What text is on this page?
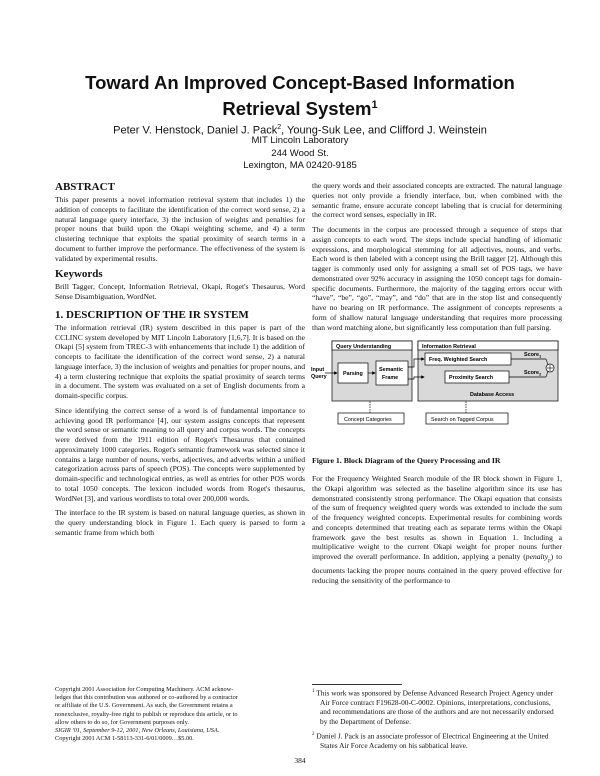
Toward An Improved Concept-Based Information
Retrieval System$^1$
Peter V. Henstock, Daniel J. Pack$^2$, Young-Suk Lee, and Clifford J. Weinstein
MIT Lincoln Laboratory
244 Wood St.
Lexington, MA 02420-9185
ABSTRACT

This paper presents a novel information retrieval system that includes 1) the addition of concepts to facilitate the identification of the correct word sense, 2) a natural language query interface, 3) the inclusion of weights and penalties for proper nouns that build upon the Okapi weighting scheme, and 4) a term clustering technique that exploits the spatial proximity of search terms in a document to further improve the performance. The effectiveness of the system is validated by experimental results.

Keywords

Brill Tagger, Concept, Information Retrieval, Okapi, Roget's Thesaurus, Word Sense Disambiguation, WordNet.

1. DESCRIPTION OF THE IR SYSTEM

The information retrieval (IR) system described in this paper is part of the CCLINC system developed by MIT Lincoln Laboratory [1,6,7]. It is based on the Okapi [5] system from TREC-3 with enhancements that include 1) the addition of concepts to facilitate the identification of the correct word sense, 2) a natural language interface, 3) the inclusion of weights and penalties for proper nouns, and 4) a term clustering technique that exploits the spatial proximity of search terms in a document. The system was evaluated on a set of English documents from a domain-specific corpus.

Since identifying the correct sense of a word is of fundamental importance to achieving good IR performance [4], our system assigns concepts that represent the word sense or semantic meaning to all query and corpus words. The concepts were derived from the 1911 edition of Roget's Thesaurus that contained approximately 1000 categories. Roget's semantic framework was selected since it contains a large number of nouns, verbs, adjectives, and adverbs within a unified categorization across parts of speech (POS). The concepts were supplemented by domain-specific and technological entries, as well as entries for other POS words to total 1050 concepts. The lexicon included words from Roget's thesaurus, WordNet [3], and various wordlists to total over 200,000 words.

The interface to the IR system is based on natural language queries, as shown in the query understanding block in Figure 1. Each query is parsed to form a semantic frame from which both

the query words and their associated concepts are extracted. The natural language queries not only provide a friendly interface, but, when combined with the semantic frame, ensure accurate concept labeling that is crucial for determining the correct word senses, especially in IR.

The documents in the corpus are processed through a sequence of steps that assign concepts to each word. The steps include special handling of idiomatic expressions, and morphological stemming for all adjectives, nouns, and verbs. Each word is then labeled with a concept using the Brill tagger [2]. Although this tagger is commonly used only for assigning a small set of POS tags, we have demonstrated over 92% accuracy in assigning the 1050 concept tags for domain-specific documents. Furthermore, the majority of the tagging errors occur with “have”, “be”, “go”, “may”, and “do” that are in the stop list and consequently have no bearing on IR performance. The assignment of concepts represents a form of shallow natural language understanding that requires more processing than word matching alone, but significantly less computation than full parsing.

Query Understanding	Information Retrieval
Input
Query	Parsing
Semantic
Frame
Freq. Weighted Search
Proximity Search
Score$_1$
Score$_2$
Database Access
Concept Categories	Search on Tagged Corpus
Figure 1. Block Diagram of the Query Processing and IR

For the Frequency Weighted Search module of the IR block shown in Figure 1, the Okapi algorithm was selected as the baseline algorithm since its use has demonstrated consistently strong performance. The Okapi equation that consists of the sum of frequency weighted query words was extended to include the sum of the frequency weighted concepts. Experimental results for combining words and concepts determined that treating each as separate terms within the Okapi framework gave the best results as shown in Equation 1. Including a multiplicative weight to the current Okapi weight for proper nouns further improved the overall performance. In addition, applying a penalty (penalty$_p$) to documents lacking the proper nouns contained in the query proved effective for reducing the sensitivity of the performance to

Copyright 2001 Association for Computing Machinery. ACM acknow-
ledges that this contribution was authored or co-authored by a contractor
or affiliate of the U.S. Government. As such, the Government retains a
nonexclusive, royalty-free right to publish or reproduce this article, or to
allow others to do so, for Government purposes only.
SIGIR '01, September 9-12, 2001, New Orleans, Louisiana, USA.
Copyright 2001 ACM 1-58113-331-6/01/0009…$5.00.
$^1$ This work was sponsored by Defense Advanced Research Project Agency under Air Force contract F19628-00-C-0002. Opinions, interpretations, conclusions, and recommendations are those of the authors and are not necessarily endorsed by the Department of Defense.
$^2$ Daniel J. Pack is an associate professor of Electrical Engineering at the United States Air Force Academy on his sabbatical leave.
384
